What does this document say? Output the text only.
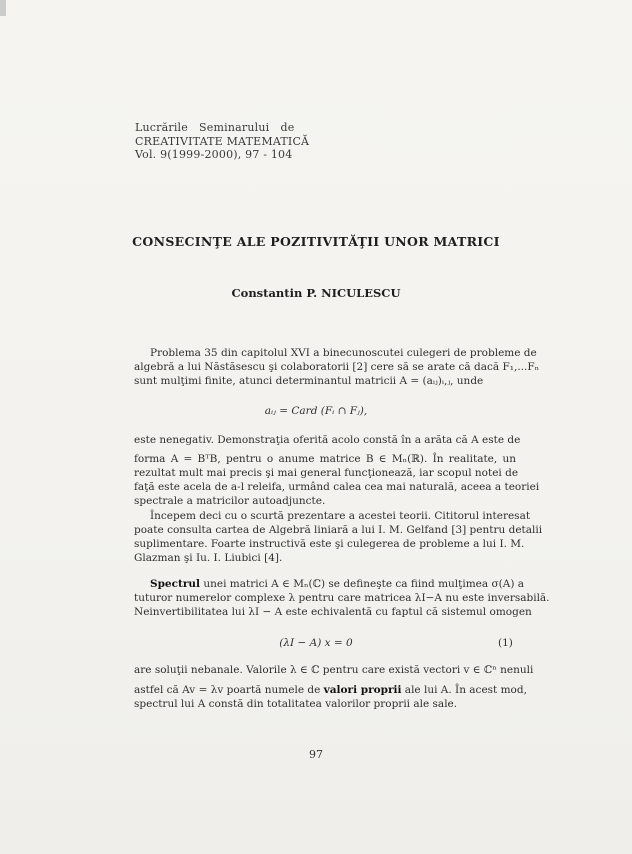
Lucrările   Seminarului   de
CREATIVITATE MATEMATICĂ
Vol. 9(1999-2000), 97 - 104
CONSECINŢE ALE POZITIVITĂŢII UNOR MATRICI
Constantin P. NICULESCU
Problema 35 din capitolul XVI a binecunoscutei culegeri de probleme de
algebră a lui Năstăsescu şi colaboratorii [2] cere să se arate că dacă F₁,...Fₙ
sunt mulţimi finite, atunci determinantul matricii A = (aᵢⱼ)ᵢ,ⱼ, unde
aᵢⱼ = Card (Fᵢ ∩ Fⱼ),
este nenegativ. Demonstraţia oferită acolo constă în a arăta că A este de
forma A = BᵀB, pentru o anume matrice B ∈ Mₙ(ℝ). În realitate, un
rezultat mult mai precis şi mai general funcţionează, iar scopul notei de
faţă este acela de a-l releifa, urmând calea cea mai naturală, aceea a teoriei
spectrale a matricilor autoadjuncte.
Începem deci cu o scurtă prezentare a acestei teorii. Cititorul interesat
poate consulta cartea de Algebră liniară a lui I. M. Gelfand [3] pentru detalii
suplimentare. Foarte instructivă este şi culegerea de probleme a lui I. M.
Glazman şi Iu. I. Liubici [4].
Spectrul unei matrici A ∈ Mₙ(ℂ) se defineşte ca fiind mulţimea σ(A) a
tuturor numerelor complexe λ pentru care matricea λI−A nu este inversabilă.
Neinvertibilitatea lui λI − A este echivalentă cu faptul că sistemul omogen
(λI − A) x = 0	(1)
are soluţii nebanale. Valorile λ ∈ ℂ pentru care există vectori v ∈ ℂⁿ nenuli
astfel că Av = λv poartă numele de valori proprii ale lui A. În acest mod,
spectrul lui A constă din totalitatea valorilor proprii ale sale.
97
